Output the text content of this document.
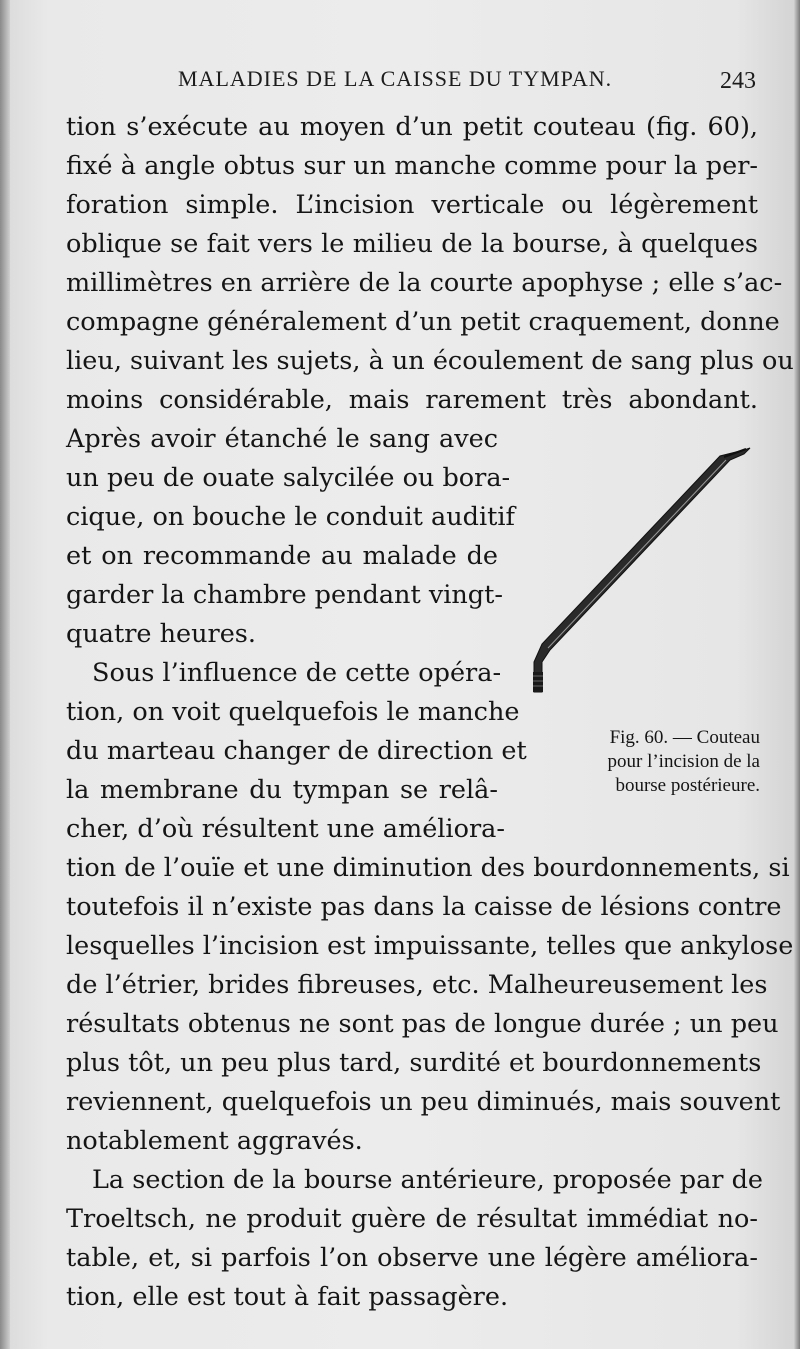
MALADIES DE LA CAISSE DU TYMPAN.	243
tion s’exécute au moyen d’un petit couteau (fig. 60),
fixé à angle obtus sur un manche comme pour la per-
foration simple. L’incision verticale ou légèrement
oblique se fait vers le milieu de la bourse, à quelques
millimètres en arrière de la courte apophyse ; elle s’ac-
compagne généralement d’un petit craquement, donne
lieu, suivant les sujets, à un écoulement de sang plus ou
moins considérable, mais rarement très abondant.
Après avoir étanché le sang avec
un peu de ouate salycilée ou bora-
cique, on bouche le conduit auditif
et on recommande au malade de
garder la chambre pendant vingt-
quatre heures.
Sous l’influence de cette opéra-
tion, on voit quelquefois le manche
du marteau changer de direction et
la membrane du tympan se relâ-
cher, d’où résultent une améliora-
tion de l’ouïe et une diminution des bourdonnements, si
toutefois il n’existe pas dans la caisse de lésions contre
lesquelles l’incision est impuissante, telles que ankylose
de l’étrier, brides fibreuses, etc. Malheureusement les
résultats obtenus ne sont pas de longue durée ; un peu
plus tôt, un peu plus tard, surdité et bourdonnements
reviennent, quelquefois un peu diminués, mais souvent
notablement aggravés.
La section de la bourse antérieure, proposée par de
Troeltsch, ne produit guère de résultat immédiat no-
table, et, si parfois l’on observe une légère améliora-
tion, elle est tout à fait passagère.
Fig. 60. — Couteau
pour l’incision de la
bourse postérieure.
